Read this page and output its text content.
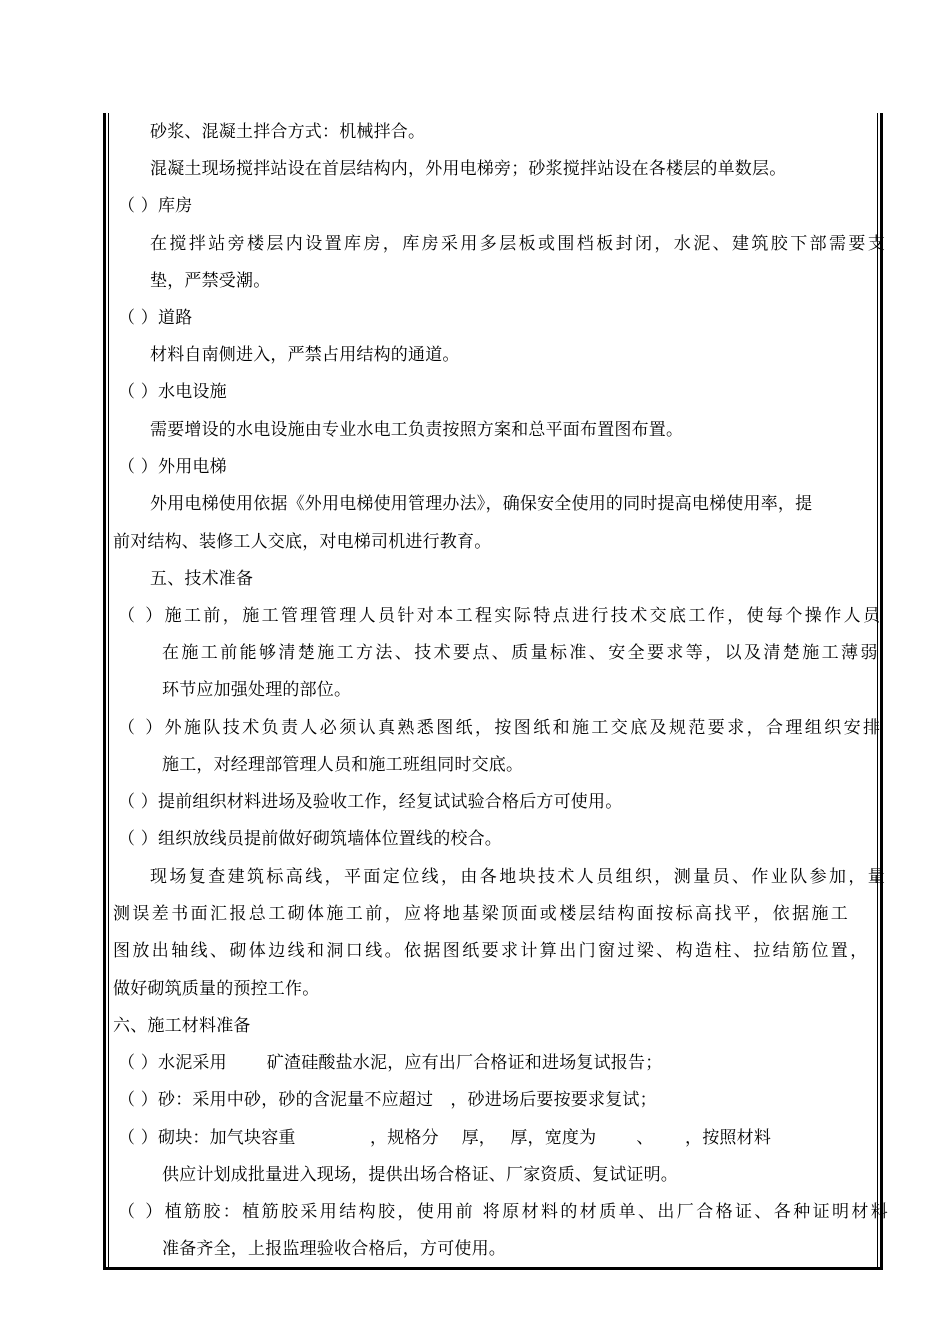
砂浆、混凝土拌合方式：机械拌合。
混凝土现场搅拌站设在首层结构内，外用电梯旁；砂浆搅拌站设在各楼层的单数层。
（ ）库房
在搅拌站旁楼层内设置库房，库房采用多层板或围档板封闭，水泥、建筑胶下部需要支
垫，严禁受潮。
（ ）道路
材料自南侧进入，严禁占用结构的通道。
（ ）水电设施
需要增设的水电设施由专业水电工负责按照方案和总平面布置图布置。
（ ）外用电梯
外用电梯使用依据《外用电梯使用管理办法》，确保安全使用的同时提高电梯使用率，提
前对结构、装修工人交底，对电梯司机进行教育。
五、技术准备
（ ）施工前，施工管理管理人员针对本工程实际特点进行技术交底工作，使每个操作人员
在施工前能够清楚施工方法、技术要点、质量标准、安全要求等，以及清楚施工薄弱
环节应加强处理的部位。
（ ）外施队技术负责人必须认真熟悉图纸，按图纸和施工交底及规范要求，合理组织安排
施工，对经理部管理人员和施工班组同时交底。
（ ）提前组织材料进场及验收工作，经复试试验合格后方可使用。
（ ）组织放线员提前做好砌筑墙体位置线的校合。
现场复查建筑标高线，平面定位线，由各地块技术人员组织，测量员、作业队参加，量
测误差书面汇报总工砌体施工前，应将地基梁顶面或楼层结构面按标高找平，依据施工
图放出轴线、砌体边线和洞口线。依据图纸要求计算出门窗过梁、构造柱、拉结筋位置，
做好砌筑质量的预控工作。
六、施工材料准备
（ ）水泥采用　　 矿渣硅酸盐水泥，应有出厂合格证和进场复试报告；
（ ）砂：采用中砂，砂的含泥量不应超过　，砂进场后要按要求复试；
（ ）砌块：加气块容重　　　　 ，规格分　 厚，　 厚，宽度为　　 、　　 ，按照材料
供应计划成批量进入现场，提供出场合格证、厂家资质、复试证明。
（ ）植筋胶：植筋胶采用结构胶，使用前 将原材料的材质单、出厂合格证、各种证明材料
准备齐全，上报监理验收合格后，方可使用。
